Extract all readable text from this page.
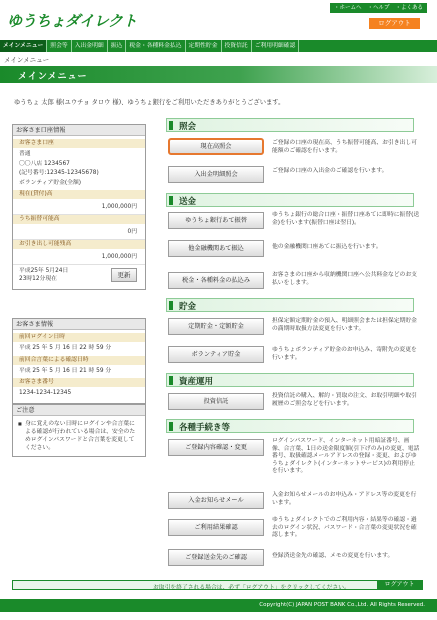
ゆうちょダイレクト
・ホームへ ・ヘルプ ・よくある
ログアウト
メインメニュー	照会等	入出金明細	振込	税金・各種料金払込	定期性貯金	投資信託	ご利用明細確認
メインメニュー
メインメニュー
ゆうちょ 太郎 様(ユウチョ タロウ 様)、ゆうちょ銀行をご利用いただきありがとうございます。
お客さま口座情報
お客さま口座
普通
〇〇八店 1234567
(記号番号:12345-12345678)
ボランティア貯金(全額)
現在(貸付)高
1,000,000円
うち振替可能高
0円
お引き出し可能残高
1,000,000円
平成25年 5月24日
23時12分現在	更新
お客さま情報
前回ログイン日時
平成 25 年 5 月 16 日 22 時 59 分
前回合言葉による確認日時
平成 25 年 5 月 16 日 21 時 59 分
お客さま番号
1234-1234-12345
ご注意
■ 身に覚えのない日時にログインや合言葉による確認が行われている場合は、安全のためログインパスワードと合言葉を変更してください。
照会
現在高照会	ご登録の口座の現在高、うち振替可能高、お引き出し可能額のご確認を行います。
入出金明細照会	ご登録の口座の入出金のご確認を行います。
送金
ゆうちょ銀行あて振替
ゆうちょ銀行の総合口座・振替口座あてに即時に振替(送金)を行います(振替口座は翌日)。
他金融機関あて振込	他の金融機関口座あてに振込を行います。
税金・各種料金の払込み
お客さまの口座から収納機関口座へ公共料金などのお支払いをします。
貯金
定期貯金・定額貯金
担保定額定期貯金の預入、明細照会または担保定期貯金の満期時取扱方法変更を行います。
ボランティア貯金
ゆうちょボランティア貯金のお申込み、寄附先の変更を行います。
資産運用
投資信託
投資信託の購入、解約・買取の注文、お取引明細や取引履歴のご照会などを行います。
各種手続き等
ご登録内容確認・変更
ログインパスワード、インターネット用暗証番号、画像、合言葉、1日の送金限度額(引下げのみ)の変更、電話番号、取扱確認メールアドレスの登録・変更、およびゆうちょダイレクト(インターネットサービス)の利用停止を行います。
入金お知らせメール
入金お知らせメールのお申込み・アドレス等の変更を行います。
ご利用結果確認
ゆうちょダイレクトでのご利用内容・結果等の確認・過去のログイン状況、パスワード・合言葉の変更状況を確認します。
ご登録送金先のご確認	登録済送金先の確認、メモの変更を行います。
お取引を終了される場合は、必ず「ログアウト」をクリックしてください。	ログアウト
Copyright(C) JAPAN POST BANK Co.,Ltd. All Rights Reserved.
